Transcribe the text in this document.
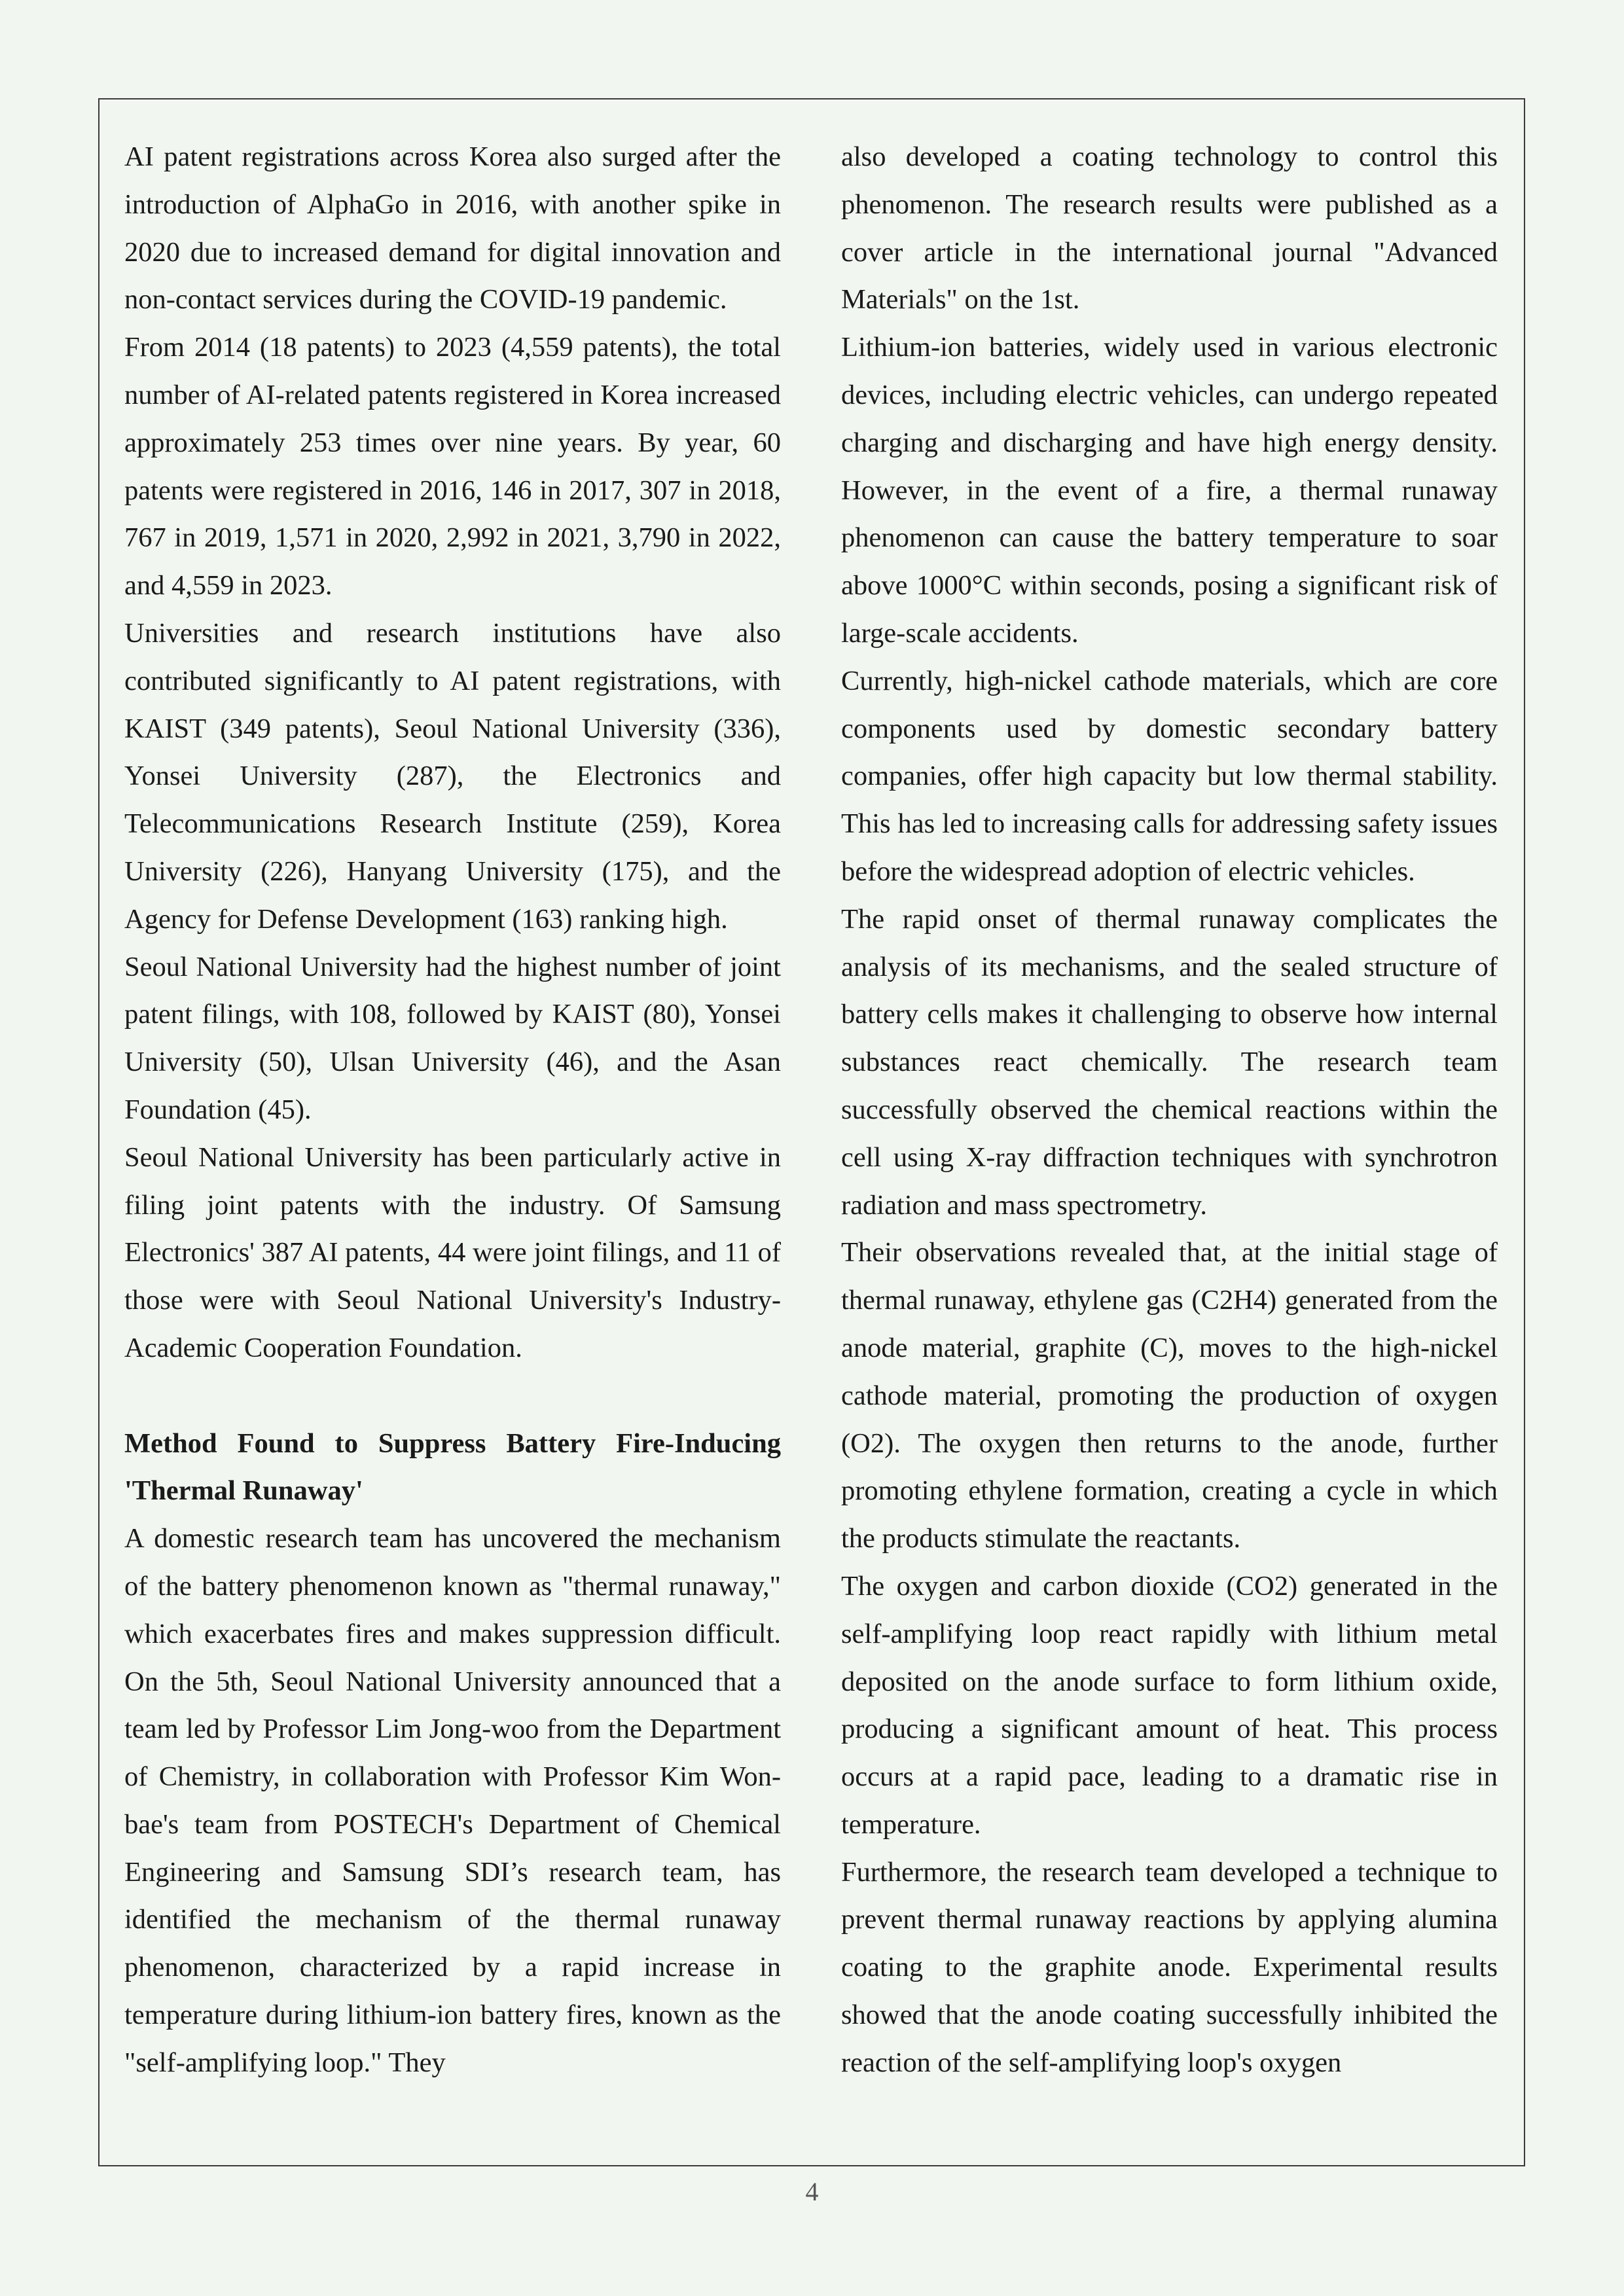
AI patent registrations across Korea also surged after the introduction of AlphaGo in 2016, with another spike in 2020 due to increased demand for digital innovation and non-contact services during the COVID-19 pandemic.

From 2014 (18 patents) to 2023 (4,559 patents), the total number of AI-related patents registered in Korea increased approximately 253 times over nine years. By year, 60 patents were registered in 2016, 146 in 2017, 307 in 2018, 767 in 2019, 1,571 in 2020, 2,992 in 2021, 3,790 in 2022, and 4,559 in 2023.

Universities and research institutions have also contributed significantly to AI patent registrations, with KAIST (349 patents), Seoul National University (336), Yonsei University (287), the Electronics and Telecommunications Research Institute (259), Korea University (226), Hanyang University (175), and the Agency for Defense Development (163) ranking high.

Seoul National University had the highest number of joint patent filings, with 108, followed by KAIST (80), Yonsei University (50), Ulsan University (46), and the Asan Foundation (45).

Seoul National University has been particularly active in filing joint patents with the industry. Of Samsung Electronics' 387 AI patents, 44 were joint filings, and 11 of those were with Seoul National University's Industry-Academic Cooperation Foundation.

Method Found to Suppress Battery Fire-Inducing 'Thermal Runaway'

A domestic research team has uncovered the mechanism of the battery phenomenon known as "thermal runaway," which exacerbates fires and makes suppression difficult. On the 5th, Seoul National University announced that a team led by Professor Lim Jong-woo from the Department of Chemistry, in collaboration with Professor Kim Won-bae's team from POSTECH's Department of Chemical Engineering and Samsung SDI’s research team, has identified the mechanism of the thermal runaway phenomenon, characterized by a rapid increase in temperature during lithium-ion battery fires, known as the "self-amplifying loop." They

also developed a coating technology to control this phenomenon. The research results were published as a cover article in the international journal "Advanced Materials" on the 1st.

Lithium-ion batteries, widely used in various electronic devices, including electric vehicles, can undergo repeated charging and discharging and have high energy density. However, in the event of a fire, a thermal runaway phenomenon can cause the battery temperature to soar above 1000°C within seconds, posing a significant risk of large-scale accidents.

Currently, high-nickel cathode materials, which are core components used by domestic secondary battery companies, offer high capacity but low thermal stability. This has led to increasing calls for addressing safety issues before the widespread adoption of electric vehicles.

The rapid onset of thermal runaway complicates the analysis of its mechanisms, and the sealed structure of battery cells makes it challenging to observe how internal substances react chemically. The research team successfully observed the chemical reactions within the cell using X-ray diffraction techniques with synchrotron radiation and mass spectrometry.

Their observations revealed that, at the initial stage of thermal runaway, ethylene gas (C2H4) generated from the anode material, graphite (C), moves to the high-nickel cathode material, promoting the production of oxygen (O2). The oxygen then returns to the anode, further promoting ethylene formation, creating a cycle in which the products stimulate the reactants.

The oxygen and carbon dioxide (CO2) generated in the self-amplifying loop react rapidly with lithium metal deposited on the anode surface to form lithium oxide, producing a significant amount of heat. This process occurs at a rapid pace, leading to a dramatic rise in temperature.

Furthermore, the research team developed a technique to prevent thermal runaway reactions by applying alumina coating to the graphite anode. Experimental results showed that the anode coating successfully inhibited the reaction of the self-amplifying loop's oxygen

4
